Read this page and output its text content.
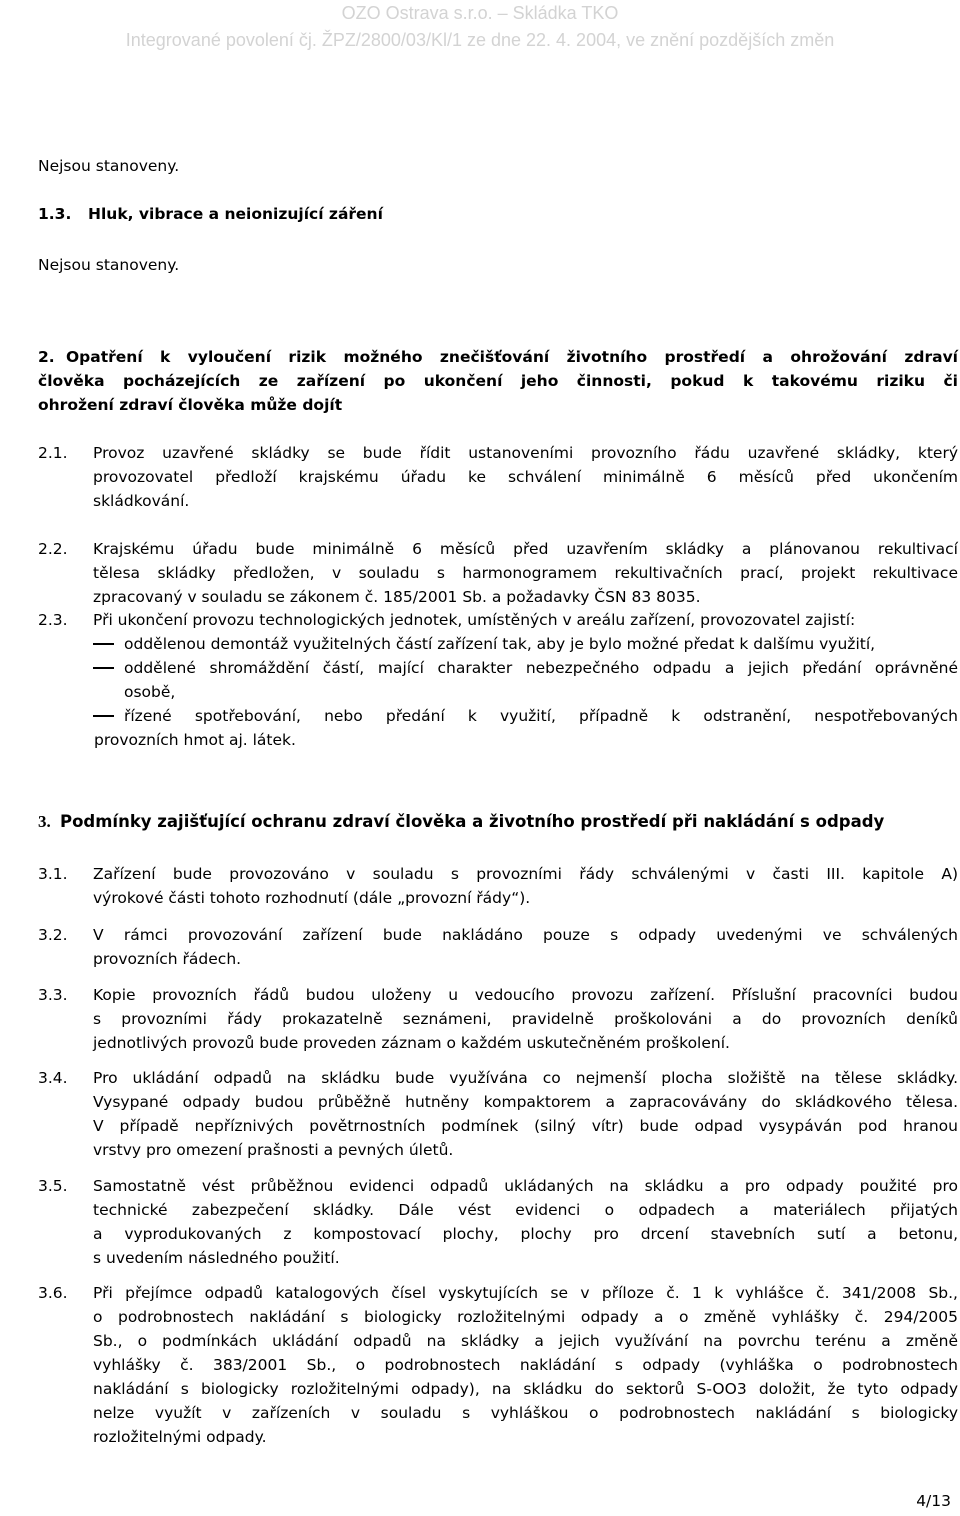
OZO Ostrava s.r.o. – Skládka TKO
Integrované povolení čj. ŽPZ/2800/03/Kl/1 ze dne 22. 4. 2004, ve znění pozdějších změn
Nejsou stanoveny.
1.3. Hluk, vibrace a neionizující záření
Nejsou stanoveny.
2. Opatření k vyloučení rizik možného znečišťování životního prostředí a ohrožování zdraví
člověka pocházejících ze zařízení po ukončení jeho činnosti, pokud k takovému riziku či
ohrožení zdraví člověka může dojít
2.1.	Provoz uzavřené skládky se bude řídit ustanoveními provozního řádu uzavřené skládky, který
provozovatel předloží krajskému úřadu ke schválení minimálně 6 měsíců před ukončením
skládkování.
2.2. Krajskému úřadu bude minimálně 6 měsíců před uzavřením skládky a plánovanou rekultivací
tělesa skládky předložen, v souladu s harmonogramem rekultivačních prací, projekt rekultivace
zpracovaný v souladu se zákonem č. 185/2001 Sb. a požadavky ČSN 83 8035.
2.3. Při ukončení provozu technologických jednotek, umístěných v areálu zařízení, provozovatel zajistí:
oddělenou demontáž využitelných částí zařízení tak, aby je bylo možné předat k dalšímu využití,
oddělené shromáždění částí, mající charakter nebezpečného odpadu a jejich předání oprávněné
osobě,
řízené spotřebování, nebo předání k využití, případně k odstranění, nespotřebovaných
provozních hmot aj. látek.
3. Podmínky zajišťující ochranu zdraví člověka a životního prostředí při nakládání s odpady
3.1. Zařízení bude provozováno v souladu s provozními řády schválenými v časti III. kapitole A)
výrokové části tohoto rozhodnutí (dále „provozní řády“).
3.2. V rámci provozování zařízení bude nakládáno pouze s odpady uvedenými ve schválených
provozních řádech.
3.3. Kopie provozních řádů budou uloženy u vedoucího provozu zařízení. Příslušní pracovníci budou
s provozními řády prokazatelně seznámeni, pravidelně proškolováni a do provozních deníků
jednotlivých provozů bude proveden záznam o každém uskutečněném proškolení.
3.4. Pro ukládání odpadů na skládku bude využívána co nejmenší plocha složiště na tělese skládky.
Vysypané odpady budou průběžně hutněny kompaktorem a zapracovávány do skládkového tělesa.
V případě nepříznivých povětrnostních podmínek (silný vítr) bude odpad vysypáván pod hranou
vrstvy pro omezení prašnosti a pevných úletů.
3.5. Samostatně vést průběžnou evidenci odpadů ukládaných na skládku a pro odpady použité pro
technické zabezpečení skládky. Dále vést evidenci o odpadech a materiálech přijatých
a vyprodukovaných z kompostovací plochy, plochy pro drcení stavebních sutí a betonu,
s uvedením následného použití.
3.6. Při přejímce odpadů katalogových čísel vyskytujících se v příloze č. 1 k vyhlášce č. 341/2008 Sb.,
o podrobnostech nakládání s biologicky rozložitelnými odpady a o změně vyhlášky č. 294/2005
Sb., o podmínkách ukládání odpadů na skládky a jejich využívání na povrchu terénu a změně
vyhlášky č. 383/2001 Sb., o podrobnostech nakládání s odpady (vyhláška o podrobnostech
nakládání s biologicky rozložitelnými odpady), na skládku do sektorů S-OO3 doložit, že tyto odpady
nelze využít v zařízeních v souladu s vyhláškou o podrobnostech nakládání s biologicky
rozložitelnými odpady.
4/13
